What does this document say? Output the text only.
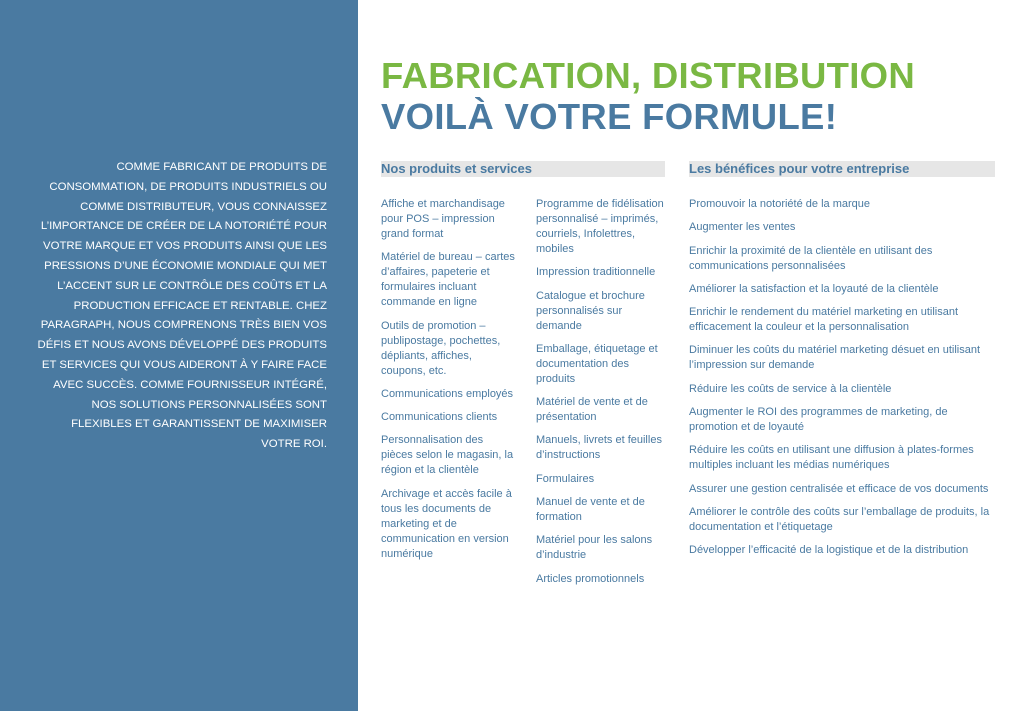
COMME FABRICANT DE PRODUITS DE CONSOMMATION, DE PRODUITS INDUSTRIELS OU COMME DISTRIBUTEUR, VOUS CONNAISSEZ L’IMPORTANCE DE CRÉER DE LA NOTORIÉTÉ POUR VOTRE MARQUE ET VOS PRODUITS AINSI QUE LES PRESSIONS D’UNE ÉCONOMIE MONDIALE QUI MET L’ACCENT SUR LE CONTRÔLE DES COÛTS ET LA PRODUCTION EFFICACE ET RENTABLE. CHEZ PARAGRAPH, NOUS COMPRENONS TRÈS BIEN VOS DÉFIS ET NOUS AVONS DÉVELOPPÉ DES PRODUITS ET SERVICES QUI VOUS AIDERONT À Y FAIRE FACE AVEC SUCCÈS. COMME FOURNISSEUR INTÉGRÉ, NOS SOLUTIONS PERSONNALISÉES SONT FLEXIBLES ET GARANTISSENT DE MAXIMISER VOTRE ROI.

FABRICATION, DISTRIBUTION
VOILÀ VOTRE FORMULE!
Nos produits et services	Les bénéfices pour votre entreprise
Affiche et marchandisage pour POS – impression grand format
Matériel de bureau – cartes d’affaires, papeterie et formulaires incluant commande en ligne
Outils de promotion – publipostage, pochettes, dépliants, affiches, coupons, etc.
Communications employés
Communications clients
Personnalisation des pièces selon le magasin, la région et la clientèle
Archivage et accès facile à tous les documents de marketing et de communication en version numérique
Programme de fidélisation personnalisé – imprimés, courriels, Infolettres, mobiles
Impression traditionnelle
Catalogue et brochure personnalisés sur demande
Emballage, étiquetage et documentation des produits
Matériel de vente et de présentation
Manuels, livrets et feuilles d’instructions
Formulaires
Manuel de vente et de formation
Matériel pour les salons d’industrie
Articles promotionnels
Promouvoir la notoriété de la marque
Augmenter les ventes
Enrichir la proximité de la clientèle en utilisant des communications personnalisées
Améliorer la satisfaction et la loyauté de la clientèle
Enrichir le rendement du matériel marketing en utilisant efficacement la couleur et la personnalisation
Diminuer les coûts du matériel marketing désuet en utilisant l’impression sur demande
Réduire les coûts de service à la clientèle
Augmenter le ROI des programmes de marketing, de promotion et de loyauté
Réduire les coûts en utilisant une diffusion à plates-formes multiples incluant les médias numériques
Assurer une gestion centralisée et efficace de vos documents
Améliorer le contrôle des coûts sur l’emballage de produits, la documentation et l’étiquetage
Développer l’efficacité de la logistique et de la distribution
